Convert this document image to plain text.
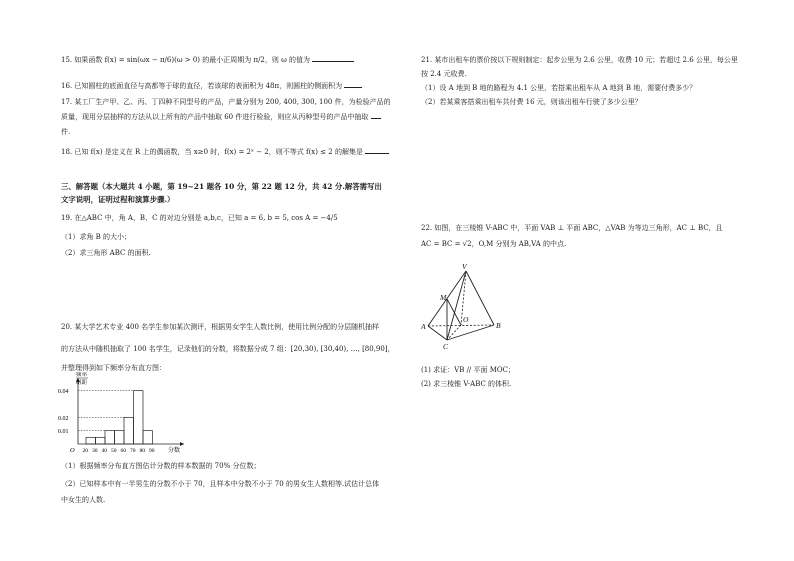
15. 如果函数 f(x) = sin(ωx − π/6)(ω > 0) 的最小正周期为 π/2，则 ω 的值为
16. 已知圆柱的底面直径与高都等于球的直径，若该球的表面积为 48π，则圆柱的侧面积为
17. 某工厂生产甲、乙、丙、丁四种不同型号的产品，产量分别为 200, 400, 300, 100 件，为检验产品的
质量，现用分层抽样的方法从以上所有的产品中抽取 60 件进行检验，则应从丙种型号的产品中抽取
件.
18. 已知 f(x) 是定义在 R 上的偶函数，当 x≥0 时，f(x) = 2ˣ − 2，则不等式 f(x) ≤ 2 的解集是
三、解答题（本大题共 4 小题，第 19~21 题各 10 分，第 22 题 12 分，共 42 分.解答需写出
文字说明，证明过程和演算步骤.）
19. 在△ABC 中，角 A、B、C 的对边分别是 a,b,c，已知 a = 6, b = 5, cos A = −4/5
（1）求角 B 的大小；
（2）求三角形 ABC 的面积.
20. 某大学艺术专业 400 名学生参加某次测评，根据男女学生人数比例，使用比例分配的分层随机抽样
的方法从中随机抽取了 100 名学生，记录他们的分数，将数据分成 7 组：[20,30), [30,40), …, [80,90]，
并整理得到如下频率分布直方图：
0.01
0.02
0.04
20 30 40 50 60 70 80 90
O	分数
频率
组距
（1）根据频率分布直方图估计分数的样本数据的 70% 分位数；
（2）已知样本中有一半男生的分数不小于 70，且样本中分数不小于 70 的男女生人数相等.试估计总体
中女生的人数.
21. 某市出租车的票价按以下规则制定：起步公里为 2.6 公里，收费 10 元；若超过 2.6 公里，每公里
按 2.4 元收费.
（1）设 A 地到 B 地的路程为 4.1 公里，若搭乘出租车从 A 地到 B 地，需要付费多少？
（2）若某乘客搭乘出租车共付费 16 元，则该出租车行驶了多少公里？
22. 如图，在三棱锥 V-ABC 中，平面 VAB ⊥ 平面 ABC，△VAB 为等边三角形，AC ⊥ BC，且
AC = BC = √2，O,M 分别为 AB,VA 的中点.
V
M
O
A	B
C
(1) 求证：VB // 平面 MOC；
(2) 求三棱锥 V-ABC 的体积.
